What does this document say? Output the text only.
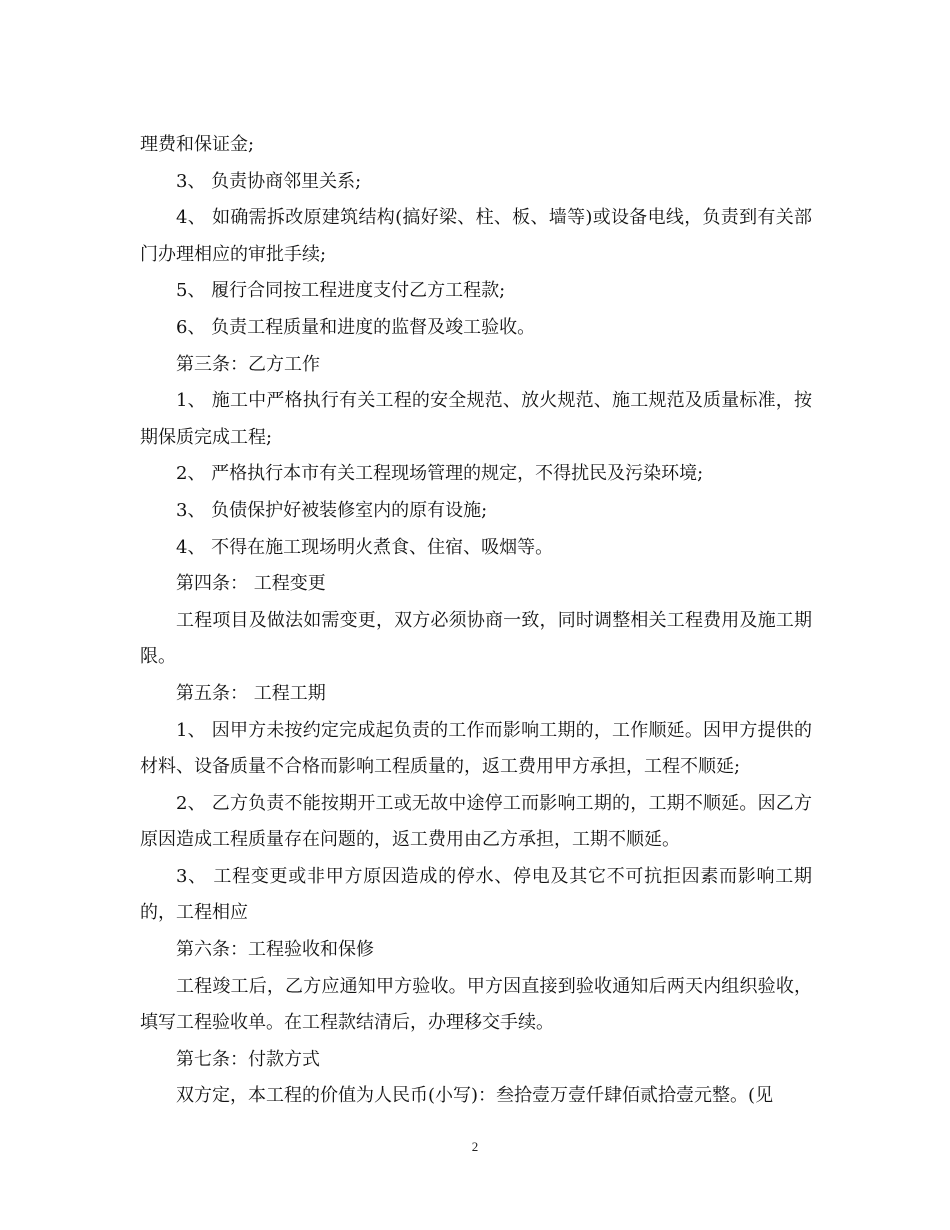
理费和保证金;

3、 负责协商邻里关系;

4、 如确需拆改原建筑结构(搞好梁、柱、板、墙等)或设备电线，负责到有关部门办理相应的审批手续;

5、 履行合同按工程进度支付乙方工程款;

6、 负责工程质量和进度的监督及竣工验收。

第三条：乙方工作

1、 施工中严格执行有关工程的安全规范、放火规范、施工规范及质量标准，按期保质完成工程;

2、 严格执行本市有关工程现场管理的规定，不得扰民及污染环境;

3、 负债保护好被装修室内的原有设施;

4、 不得在施工现场明火煮食、住宿、吸烟等。

第四条： 工程变更

工程项目及做法如需变更，双方必须协商一致，同时调整相关工程费用及施工期限。

第五条： 工程工期

1、 因甲方未按约定完成起负责的工作而影响工期的，工作顺延。因甲方提供的材料、设备质量不合格而影响工程质量的，返工费用甲方承担，工程不顺延;

2、 乙方负责不能按期开工或无故中途停工而影响工期的，工期不顺延。因乙方原因造成工程质量存在问题的，返工费用由乙方承担，工期不顺延。

3、 工程变更或非甲方原因造成的停水、停电及其它不可抗拒因素而影响工期的，工程相应

第六条：工程验收和保修

工程竣工后，乙方应通知甲方验收。甲方因直接到验收通知后两天内组织验收，填写工程验收单。在工程款结清后，办理移交手续。

第七条：付款方式

双方定，本工程的价值为人民币(小写)：叁拾壹万壹仟肆佰贰拾壹元整。(见

2
